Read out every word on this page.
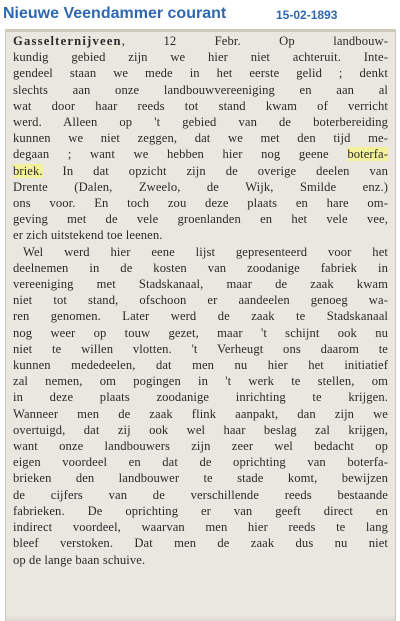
Nieuwe Veendammer courant	15-02-1893
Gasselternijveen, 12 Febr. Op landbouw-
kundig gebied zijn we hier niet achteruit. Inte-
gendeel staan we mede in het eerste gelid ; denkt
slechts aan onze landbouwvereeniging en aan al
wat door haar reeds tot stand kwam of verricht
werd. Alleen op 't gebied van de boterbereiding
kunnen we niet zeggen, dat we met den tijd me-
degaan ; want we hebben hier nog geene boterfa-
briek. In dat opzicht zijn de overige deelen van
Drente (Dalen, Zweelo, de Wijk, Smilde enz.)
ons voor. En toch zou deze plaats en hare om-
geving met de vele groenlanden en het vele vee,
er zich uitstekend toe leenen.
Wel werd hier eene lijst gepresenteerd voor het
deelnemen in de kosten van zoodanige fabriek in
vereeniging met Stadskanaal, maar de zaak kwam
niet tot stand, ofschoon er aandeelen genoeg wa-
ren genomen. Later werd de zaak te Stadskanaal
nog weer op touw gezet, maar 't schijnt ook nu
niet te willen vlotten. 't Verheugt ons daarom te
kunnen mededeelen, dat men nu hier het initiatief
zal nemen, om pogingen in 't werk te stellen, om
in deze plaats zoodanige inrichting te krijgen.
Wanneer men de zaak flink aanpakt, dan zijn we
overtuigd, dat zij ook wel haar beslag zal krijgen,
want onze landbouwers zijn zeer wel bedacht op
eigen voordeel en dat de oprichting van boterfa-
brieken den landbouwer te stade komt, bewijzen
de cijfers van de verschillende reeds bestaande
fabrieken. De oprichting er van geeft direct en
indirect voordeel, waarvan men hier reeds te lang
bleef verstoken. Dat men de zaak dus nu niet
op de lange baan schuive.
